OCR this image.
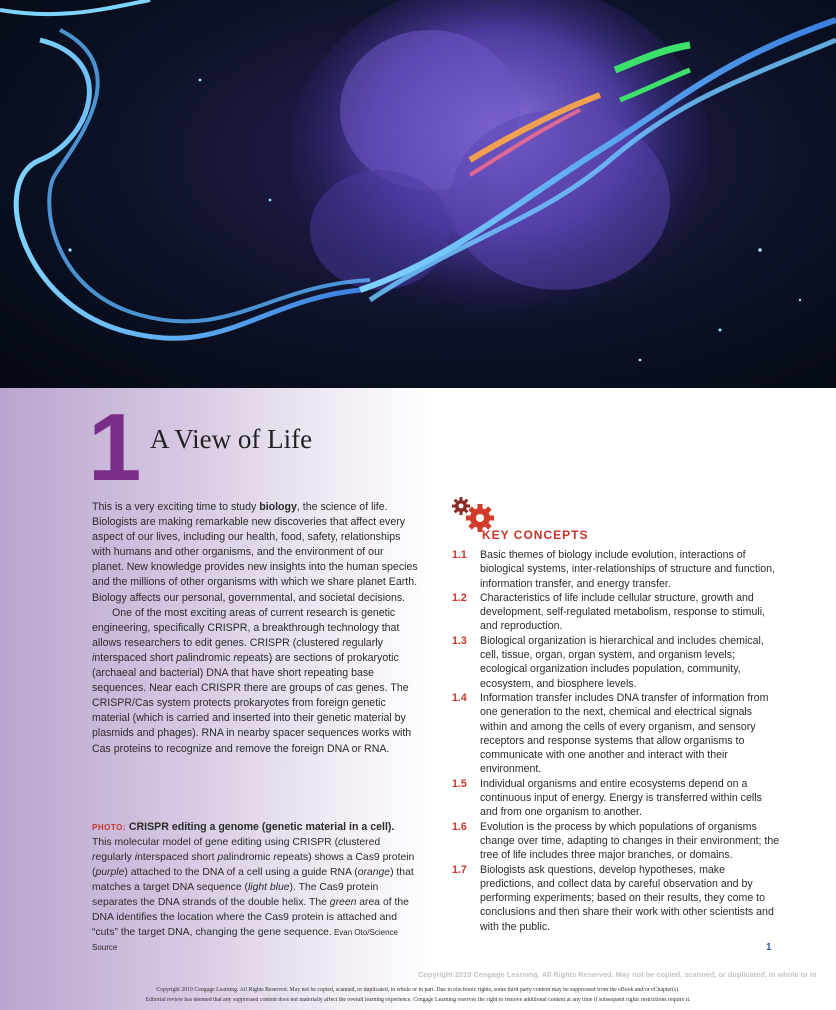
1 A View of Life

This is a very exciting time to study biology, the science of life. Biologists are making remarkable new discoveries that affect every aspect of our lives, including our health, food, safety, relationships with humans and other organisms, and the environment of our planet. New knowledge provides new insights into the human species and the millions of other organisms with which we share planet Earth. Biology affects our personal, governmental, and societal decisions.

One of the most exciting areas of current research is genetic engineering, specifically CRISPR, a breakthrough technology that allows researchers to edit genes. CRISPR (clustered regularly interspaced short palindromic repeats) are sections of prokaryotic (archaeal and bacterial) DNA that have short repeating base sequences. Near each CRISPR there are groups of cas genes. The CRISPR/Cas system protects prokaryotes from foreign genetic material (which is carried and inserted into their genetic material by plasmids and phages). RNA in nearby spacer sequences works with Cas proteins to recognize and remove the foreign DNA or RNA.

PHOTO: CRISPR editing a genome (genetic material in a cell).
This molecular model of gene editing using CRISPR (clustered regularly interspaced short palindromic repeats) shows a Cas9 protein (purple) attached to the DNA of a cell using a guide RNA (orange) that matches a target DNA sequence (light blue). The Cas9 protein separates the DNA strands of the double helix. The green area of the DNA identifies the location where the Cas9 protein is attached and “cuts” the target DNA, changing the gene sequence. Evan Oto/Science Source
KEY CONCEPTS
1.1	Basic themes of biology include evolution, interactions of biological systems, inter-relationships of structure and function, information transfer, and energy transfer.
1.2	Characteristics of life include cellular structure, growth and development, self-regulated metabolism, response to stimuli, and reproduction.
1.3	Biological organization is hierarchical and includes chemical, cell, tissue, organ, organ system, and organism levels; ecological organization includes population, community, ecosystem, and biosphere levels.
1.4	Information transfer includes DNA transfer of information from one generation to the next, chemical and electrical signals within and among the cells of every organism, and sensory receptors and response systems that allow organisms to communicate with one another and interact with their environment.
1.5	Individual organisms and entire ecosystems depend on a continuous input of energy. Energy is transferred within cells and from one organism to another.
1.6	Evolution is the process by which populations of organisms change over time, adapting to changes in their environment; the tree of life includes three major branches, or domains.
1.7	Biologists ask questions, develop hypotheses, make predictions, and collect data by careful observation and by performing experiments; based on their results, they come to conclusions and then share their work with other scientists and with the public.
1
Copyright 2019 Cengage Learning. All Rights Reserved. May not be copied, scanned, or duplicated, in whole or in
Copyright 2019 Cengage Learning. All Rights Reserved. May not be copied, scanned, or duplicated, in whole or in part. Due to electronic rights, some third party content may be suppressed from the eBook and/or eChapter(s).
Editorial review has deemed that any suppressed content does not materially affect the overall learning experience. Cengage Learning reserves the right to remove additional content at any time if subsequent rights restrictions require it.
